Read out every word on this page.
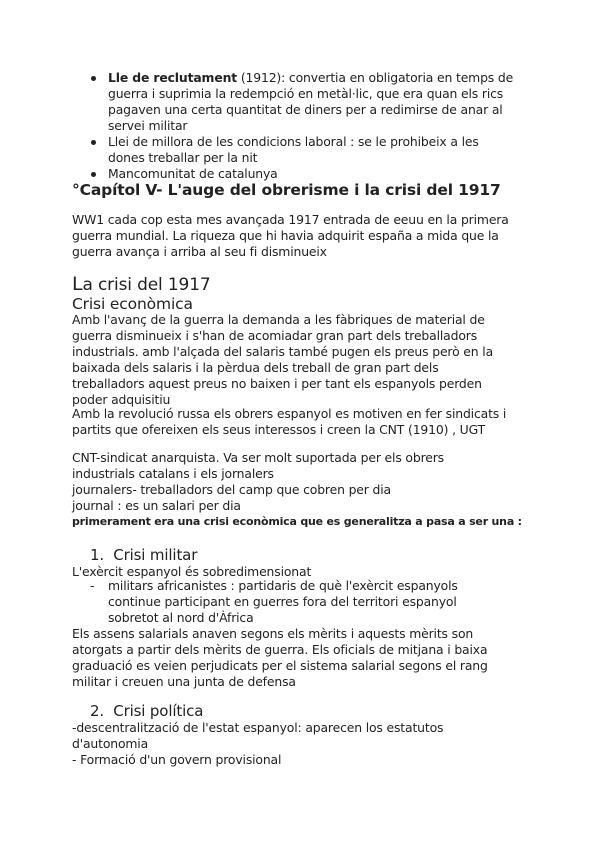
Lle de reclutament (1912): convertia en obligatoria en temps de
guerra i suprimia la redempció en metàl·lic, que era quan els rics
pagaven una certa quantitat de diners per a redimirse de anar al
servei militar
Llei de millora de les condicions laboral : se le prohibeix a les
dones treballar per la nit
Mancomunitat de catalunya
°Capítol V- L'auge del obrerisme i la crisi del 1917
WW1 cada cop esta mes avançada 1917 entrada de eeuu en la primera
guerra mundial. La riqueza que hi havia adquirit españa a mida que la
guerra avança i arriba al seu fi disminueix
La crisi del 1917
Crisi econòmica
Amb l'avanç de la guerra la demanda a les fàbriques de material de
guerra disminueix i s'han de acomiadar gran part dels treballadors
industrials. amb l'alçada del salaris també pugen els preus però en la
baixada dels salaris i la pèrdua dels treball de gran part dels
treballadors aquest preus no baixen i per tant els espanyols perden
poder adquisitiu
Amb la revolució russa els obrers espanyol es motiven en fer sindicats i
partits que ofereixen els seus interessos i creen la CNT (1910) , UGT
CNT-sindicat anarquista. Va ser molt suportada per els obrers
industrials catalans i els jornalers
journalers- treballadors del camp que cobren per dia
journal : es un salari per dia
primerament era una crisi econòmica que es generalitza a pasa a ser una :
1. Crisi militar
L'exèrcit espanyol és sobredimensionat
- militars africanistes : partidaris de què l'exèrcit espanyols
continue participant en guerres fora del territori espanyol
sobretot al nord d'Àfrica
Els assens salarials anaven segons els mèrits i aquests mèrits son
atorgats a partir dels mèrits de guerra. Els oficials de mitjana i baixa
graduació es veien perjudicats per el sistema salarial segons el rang
militar i creuen una junta de defensa
2. Crisi política
-descentralització de l'estat espanyol: aparecen los estatutos
d'autonomia
- Formació d'un govern provisional
